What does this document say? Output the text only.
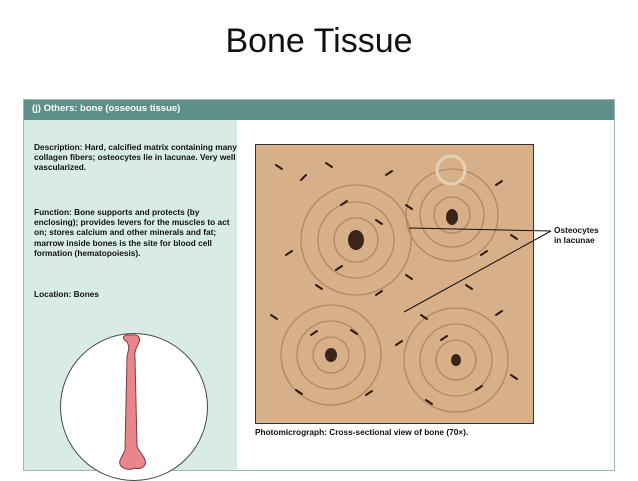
Bone Tissue
(j) Others: bone (osseous tissue)
Description: Hard, calcified matrix containing many collagen fibers; osteocytes lie in lacunae. Very well vascularized.
Function: Bone supports and protects (by enclosing); provides levers for the muscles to act on; stores calcium and other minerals and fat; marrow inside bones is the site for blood cell formation (hematopoiesis).
Location: Bones
Photomicrograph: Cross-sectional view of bone (70×).
Osteocytes
in lacunae
